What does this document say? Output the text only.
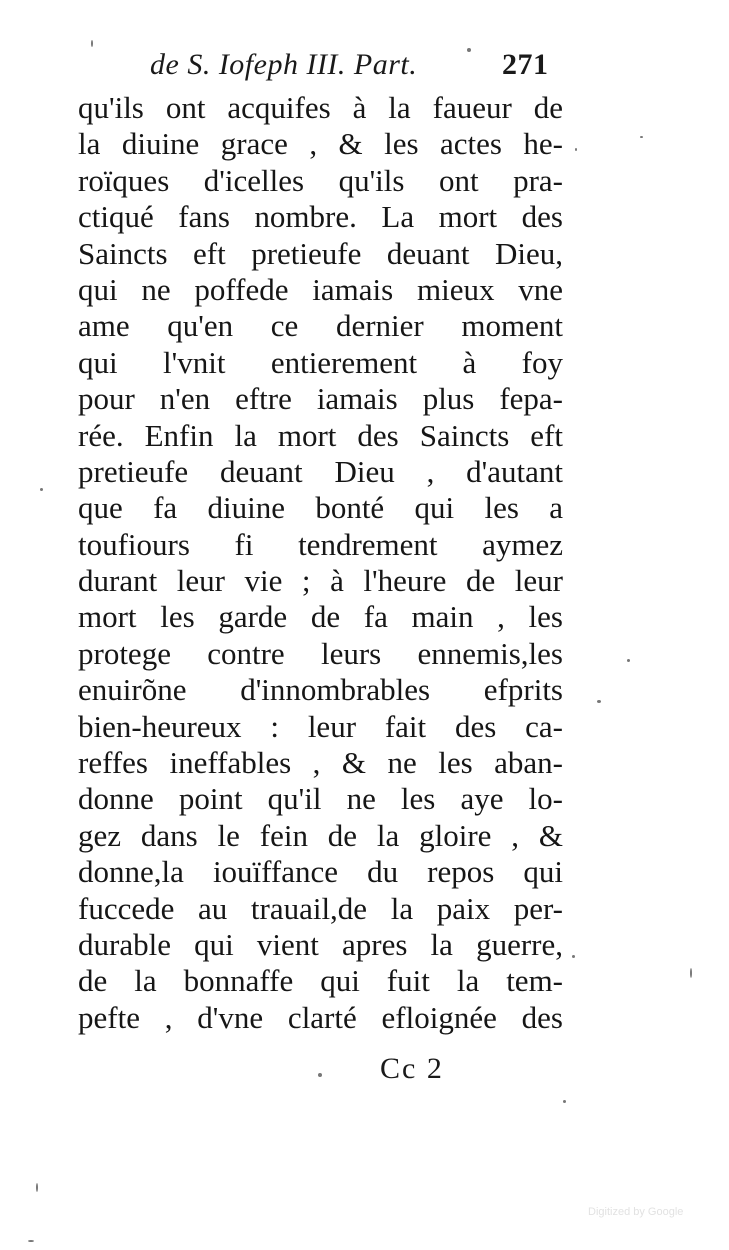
de S. Iofeph III. Part.	271
qu'ils ont acquifes à la faueur de
la diuine grace , & les actes he-
roïques d'icelles qu'ils ont pra-
ctiqué fans nombre. La mort des
Saincts eft pretieufe deuant Dieu,
qui ne poffede iamais mieux vne
ame qu'en ce dernier moment
qui l'vnit entierement à foy
pour n'en eftre iamais plus fepa-
rée. Enfin la mort des Saincts eft
pretieufe deuant Dieu , d'autant
que fa diuine bonté qui les a
toufiours fi tendrement aymez
durant leur vie ; à l'heure de leur
mort les garde de fa main , les
protege contre leurs ennemis,les
enuirõne d'innombrables efprits
bien-heureux : leur fait des ca-
reffes ineffables , & ne les aban-
donne point qu'il ne les aye lo-
gez dans le fein de la gloire , &
donne,la iouïffance du repos qui
fuccede au trauail,de la paix per-
durable qui vient apres la guerre,
de la bonnaffe qui fuit la tem-
pefte , d'vne clarté efloignée des
Cc 2
Digitized by Google
